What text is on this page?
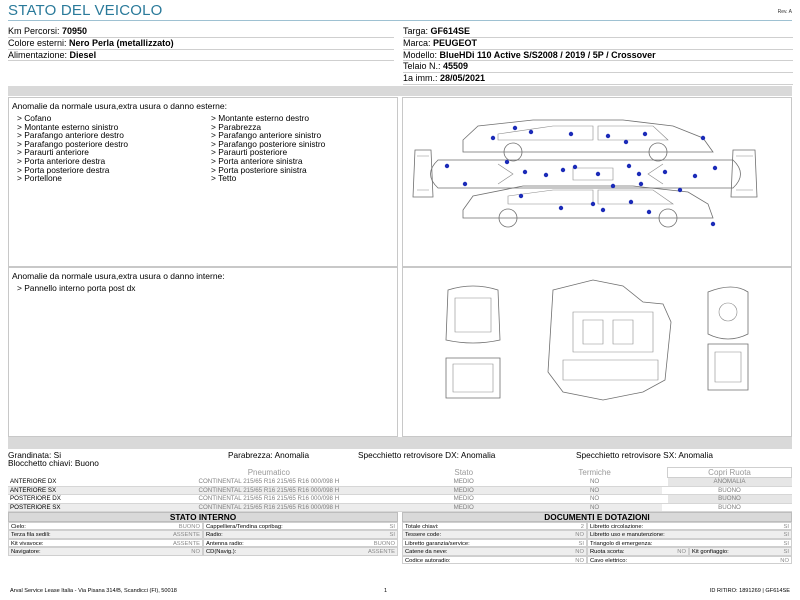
STATO DEL VEICOLO	Rev. A
Km Percorsi: 70950
Colore esterni: Nero Perla (metallizzato)
Alimentazione: Diesel
Targa: GF614SE
Marca: PEUGEOT
Modello: BlueHDi 110 Active S/S2008 / 2019 / 5P / Crossover
Telaio N.: 45509
1a imm.: 28/05/2021
Anomalie da normale usura,extra usura o danno esterne:
> Cofano
> Montante esterno sinistro
> Parafango anteriore destro
> Parafango posteriore destro
> Paraurti anteriore
> Porta anteriore destra
> Porta posteriore destra
> Portellone
> Montante esterno destro
> Parabrezza
> Parafango anteriore sinistro
> Parafango posteriore sinistro
> Paraurti posteriore
> Porta anteriore sinistra
> Porta posteriore sinistra
> Tetto
Anomalie da normale usura,extra usura o danno interne:
> Pannello interno porta post dx
Grandinata: Si	Parabrezza: Anomalia	Specchietto retrovisore DX: Anomalia	Specchietto retrovisore SX: Anomalia
Blocchetto chiavi: Buono
	Pneumatico	Stato	Termiche		Copri Ruota
ANTERIORE DX	CONTINENTAL 215/65 R16 215/65 R16 000/098 H	MEDIO	NO		ANOMALIA
ANTERIORE SX	CONTINENTAL 215/65 R16 215/65 R16 000/098 H	MEDIO	NO		BUONO
POSTERIORE DX	CONTINENTAL 215/65 R16 215/65 R16 000/098 H	MEDIO	NO		BUONO
POSTERIORE SX	CONTINENTAL 215/65 R16 215/65 R16 000/098 H	MEDIO	NO		BUONO
STATO INTERNO
Cielo:	BUONO	Cappelliera/Tendina copribag:	SI
Terza fila sedili:	ASSENTE	Radio:	SI
Kit vivavoce:	ASSENTE	Antenna radio:	BUONO
Navigatore:	NO	CD(Navig.):	ASSENTE
DOCUMENTI E DOTAZIONI
Totale chiavi:	2	Libretto circolazione:	SI
Tessere code:	NO	Libretto uso e manutenzione:	SI
Libretto garanzia/service:	SI	Triangolo di emergenza:	SI
Catene da neve:	NO	Ruota scorta:	NO	Kit gonfiaggio:	SI
Codice autoradio:	NO	Cavo elettrico:	NO
Arval Service Lease Italia - Via Pisana 314/B, Scandicci (FI), 50018	1	ID RITIRO: 1891269 | GF614SE
